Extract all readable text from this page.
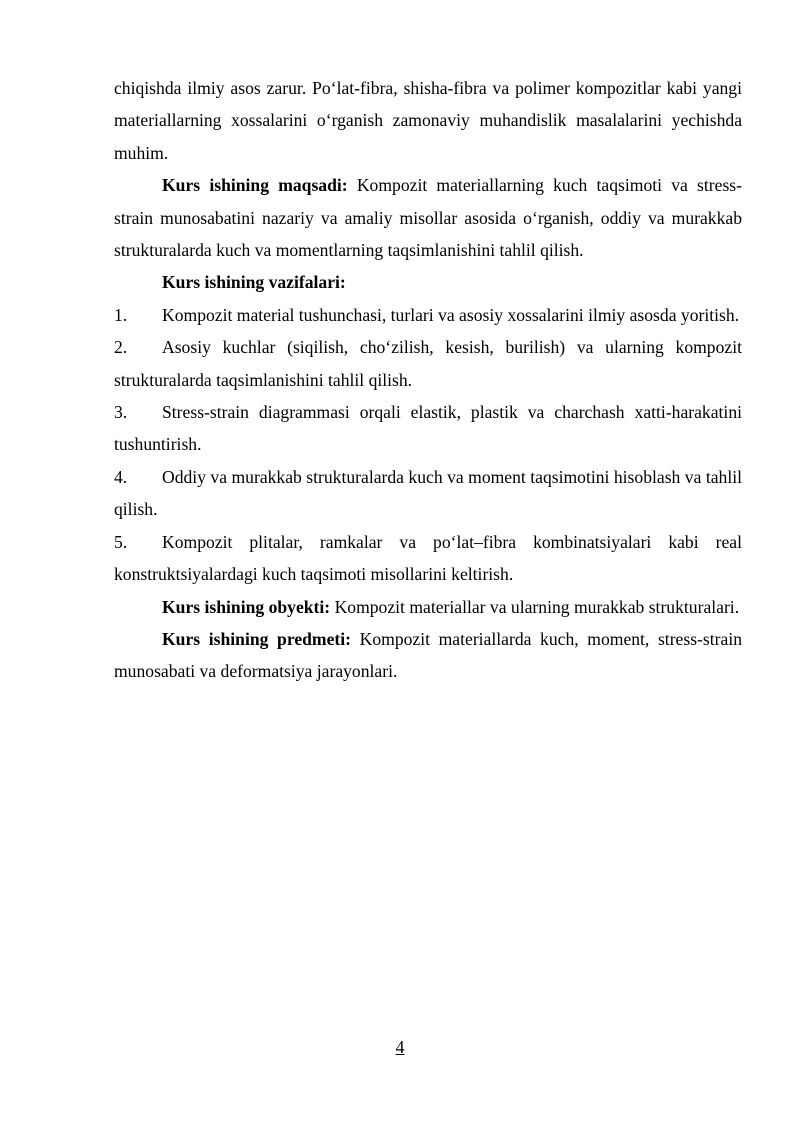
chiqishda ilmiy asos zarur. Po‘lat-fibra, shisha-fibra va polimer kompozitlar kabi yangi materiallarning xossalarini o‘rganish zamonaviy muhandislik masalalarini yechishda muhim.

Kurs ishining maqsadi: Kompozit materiallarning kuch taqsimoti va stress-strain munosabatini nazariy va amaliy misollar asosida o‘rganish, oddiy va murakkab strukturalarda kuch va momentlarning taqsimlanishini tahlil qilish.

Kurs ishining vazifalari:

1. Kompozit material tushunchasi, turlari va asosiy xossalarini ilmiy asosda yoritish.

2. Asosiy kuchlar (siqilish, cho‘zilish, kesish, burilish) va ularning kompozit strukturalarda taqsimlanishini tahlil qilish.

3. Stress-strain diagrammasi orqali elastik, plastik va charchash xatti-harakatini tushuntirish.

4. Oddiy va murakkab strukturalarda kuch va moment taqsimotini hisoblash va tahlil qilish.

5. Kompozit plitalar, ramkalar va po‘lat–fibra kombinatsiyalari kabi real konstruktsiyalardagi kuch taqsimoti misollarini keltirish.

Kurs ishining obyekti: Kompozit materiallar va ularning murakkab strukturalari.

Kurs ishining predmeti: Kompozit materiallarda kuch, moment, stress-strain munosabati va deformatsiya jarayonlari.

4
